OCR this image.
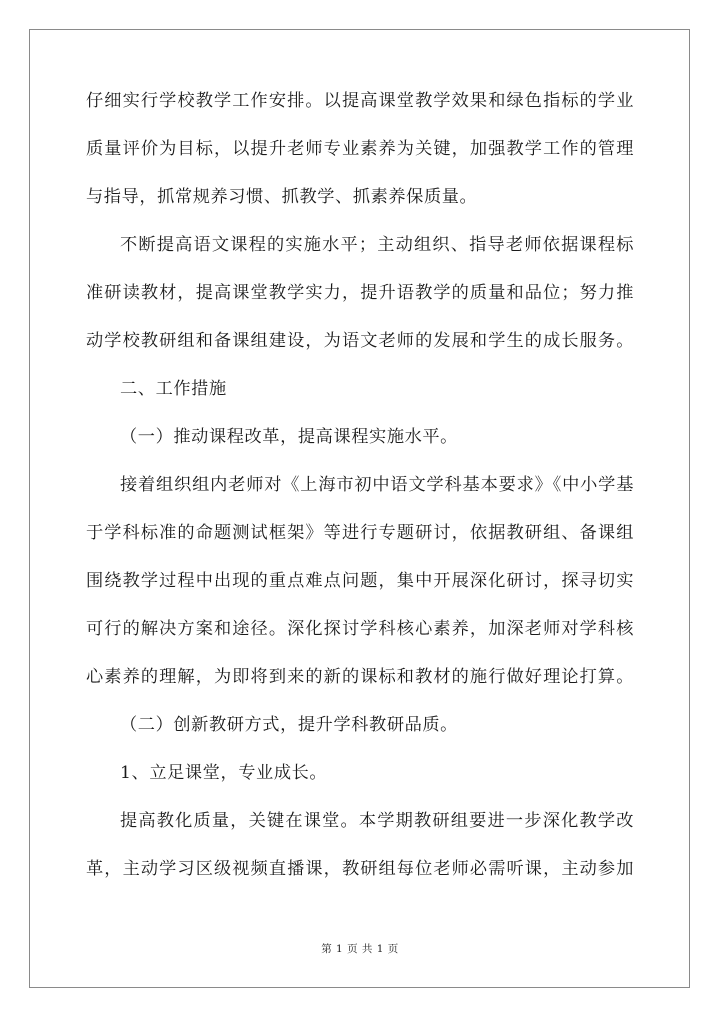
仔细实行学校教学工作安排。以提高课堂教学效果和绿色指标的学业
质量评价为目标，以提升老师专业素养为关键，加强教学工作的管理
与指导，抓常规养习惯、抓教学、抓素养保质量。
不断提高语文课程的实施水平；主动组织、指导老师依据课程标
准研读教材，提高课堂教学实力，提升语教学的质量和品位；努力推
动学校教研组和备课组建设，为语文老师的发展和学生的成长服务。
二、工作措施
（一）推动课程改革，提高课程实施水平。
接着组织组内老师对《上海市初中语文学科基本要求》《中小学基
于学科标准的命题测试框架》等进行专题研讨，依据教研组、备课组
围绕教学过程中出现的重点难点问题，集中开展深化研讨，探寻切实
可行的解决方案和途径。深化探讨学科核心素养，加深老师对学科核
心素养的理解，为即将到来的新的课标和教材的施行做好理论打算。
（二）创新教研方式，提升学科教研品质。
1、立足课堂，专业成长。
提高教化质量，关键在课堂。本学期教研组要进一步深化教学改
革，主动学习区级视频直播课，教研组每位老师必需听课，主动参加
第 1 页 共 1 页
